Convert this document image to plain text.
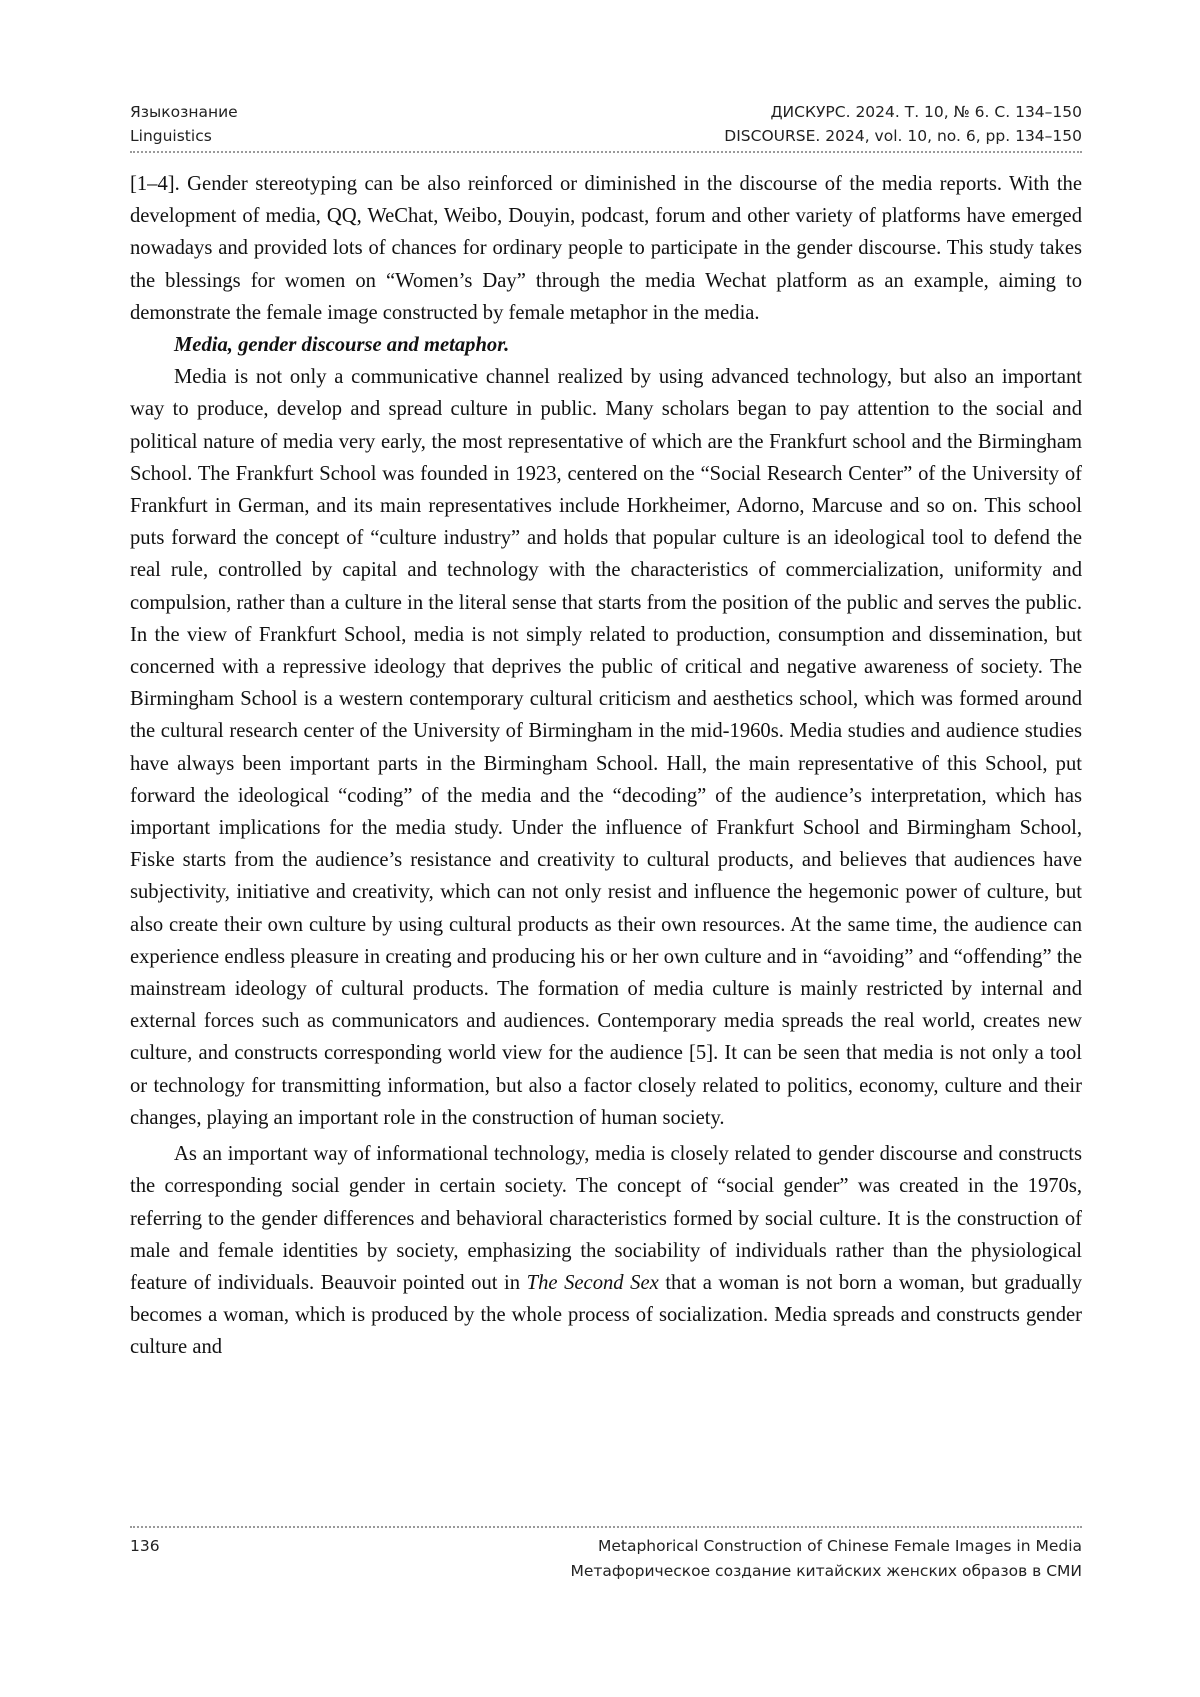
Языкознание	ДИСКУРС. 2024. Т. 10, № 6. С. 134–150
Linguistics	DISCOURSE. 2024, vol. 10, no. 6, pp. 134–150

[1–4]. Gender stereotyping can be also reinforced or diminished in the discourse of the media reports. With the development of media, QQ, WeChat, Weibo, Douyin, podcast, forum and other variety of platforms have emerged nowadays and provided lots of chances for ordinary people to participate in the gender discourse. This study takes the blessings for women on “Women’s Day” through the media Wechat platform as an example, aiming to demonstrate the female image constructed by female metaphor in the media.

Media, gender discourse and metaphor.

Media is not only a communicative channel realized by using advanced technology, but also an important way to produce, develop and spread culture in public. Many scholars began to pay attention to the social and political nature of media very early, the most representative of which are the Frankfurt school and the Birmingham School. The Frankfurt School was founded in 1923, centered on the “Social Research Center” of the University of Frankfurt in German, and its main representatives include Horkheimer, Adorno, Marcuse and so on. This school puts forward the concept of “culture industry” and holds that popular culture is an ideological tool to defend the real rule, controlled by capital and technology with the characteristics of commercialization, uniformity and compulsion, rather than a culture in the literal sense that starts from the position of the public and serves the public. In the view of Frankfurt School, media is not simply related to production, consumption and dissemination, but concerned with a repressive ideology that deprives the public of critical and negative awareness of society. The Birmingham School is a western contemporary cultural criticism and aesthetics school, which was formed around the cultural research center of the University of Birmingham in the mid-1960s. Media studies and audience studies have always been important parts in the Birmingham School. Hall, the main representative of this School, put forward the ideological “coding” of the media and the “decoding” of the audience’s interpretation, which has important implications for the media study. Under the influence of Frankfurt School and Birmingham School, Fiske starts from the audience’s resistance and creativity to cultural products, and believes that audiences have subjectivity, initiative and creativity, which can not only resist and influence the hegemonic power of culture, but also create their own culture by using cultural products as their own resources. At the same time, the audience can experience endless pleasure in creating and producing his or her own culture and in “avoiding” and “offending” the mainstream ideology of cultural products. The formation of media culture is mainly restricted by internal and external forces such as communicators and audiences. Contemporary media spreads the real world, creates new culture, and constructs corresponding world view for the audience [5]. It can be seen that media is not only a tool or technology for transmitting information, but also a factor closely related to politics, economy, culture and their changes, playing an important role in the construction of human society.

As an important way of informational technology, media is closely related to gender discourse and constructs the corresponding social gender in certain society. The concept of “social gender” was created in the 1970s, referring to the gender differences and behavioral characteristics formed by social culture. It is the construction of male and female identities by society, emphasizing the sociability of individuals rather than the physiological feature of individuals. Beauvoir pointed out in The Second Sex that a woman is not born a woman, but gradually becomes a woman, which is produced by the whole process of socialization. Media spreads and constructs gender culture and

136	Metaphorical Construction of Chinese Female Images in Media
Метафорическое создание китайских женских образов в СМИ
